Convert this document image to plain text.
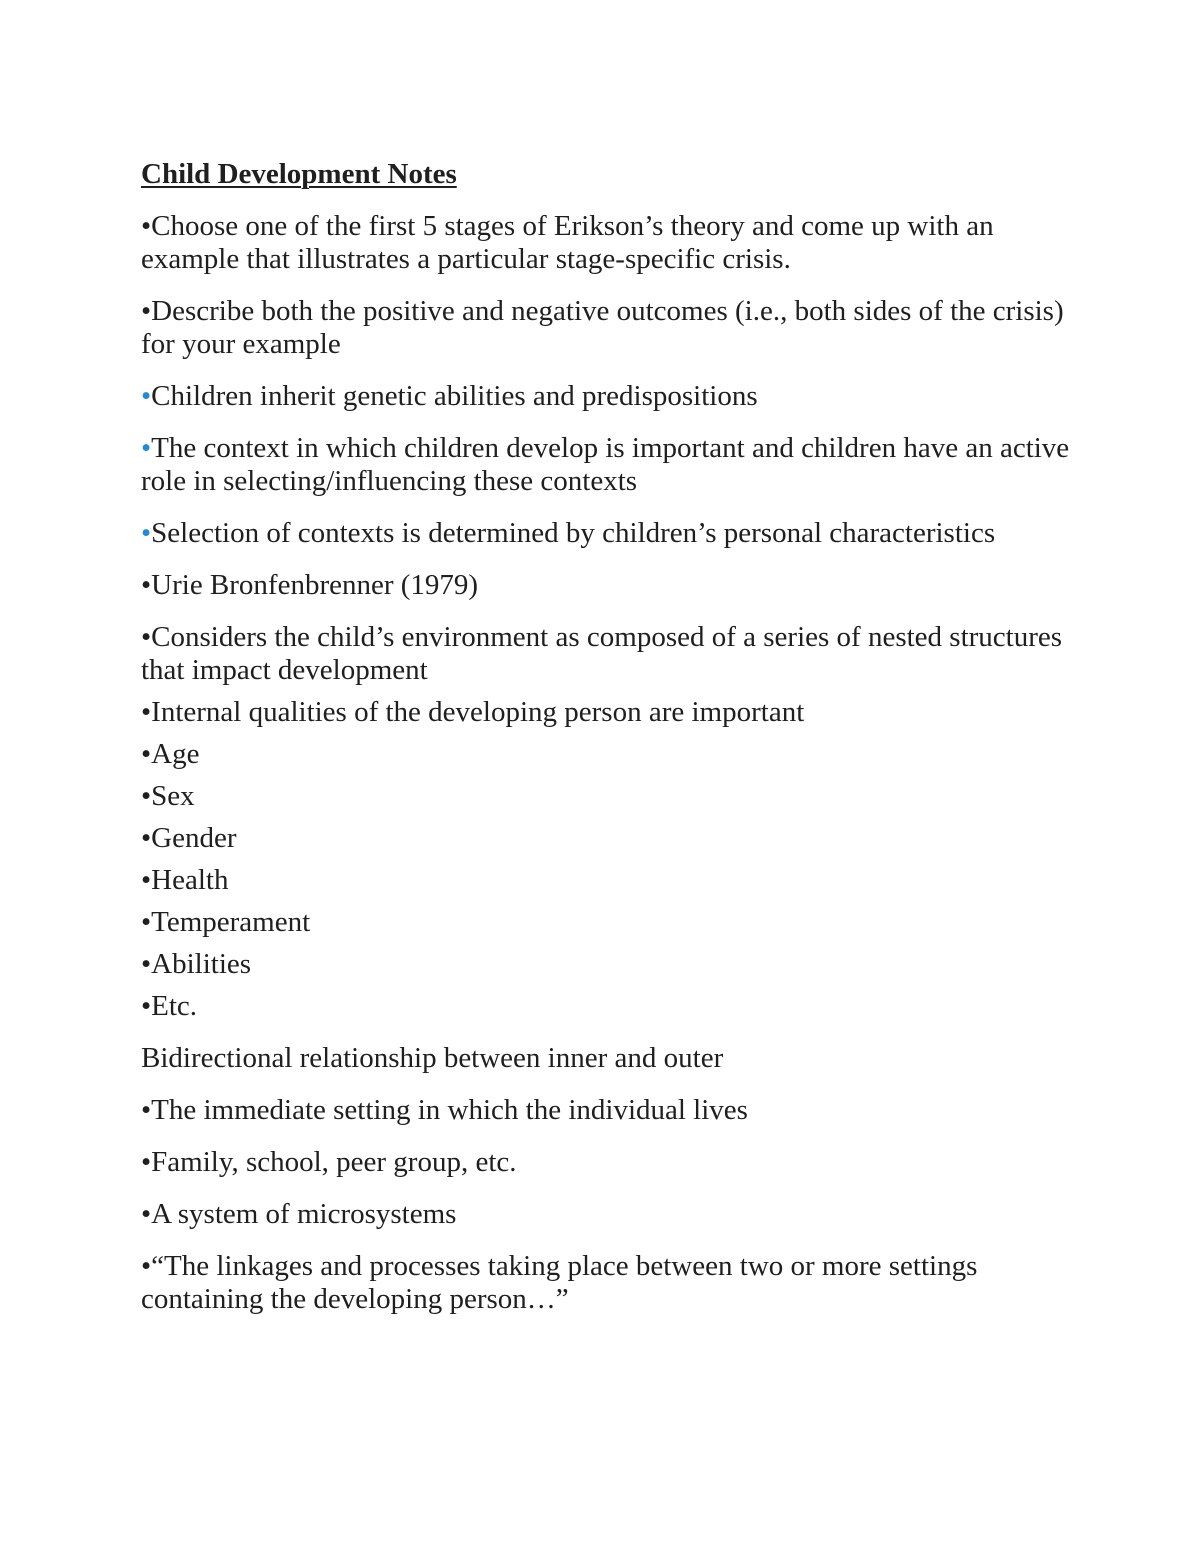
Child Development Notes
•Choose one of the first 5 stages of Erikson’s theory and come up with an example that illustrates a particular stage-specific crisis.
•Describe both the positive and negative outcomes (i.e., both sides of the crisis) for your example
•Children inherit genetic abilities and predispositions
•The context in which children develop is important and children have an active role in selecting/influencing these contexts
•Selection of contexts is determined by children’s personal characteristics
•Urie Bronfenbrenner (1979)
•Considers the child’s environment as composed of a series of nested structures that impact development
•Internal qualities of the developing person are important
•Age
•Sex
•Gender
•Health
•Temperament
•Abilities
•Etc.
Bidirectional relationship between inner and outer
•The immediate setting in which the individual lives
•Family, school, peer group, etc.
•A system of microsystems
•“The linkages and processes taking place between two or more settings containing the developing person…”
